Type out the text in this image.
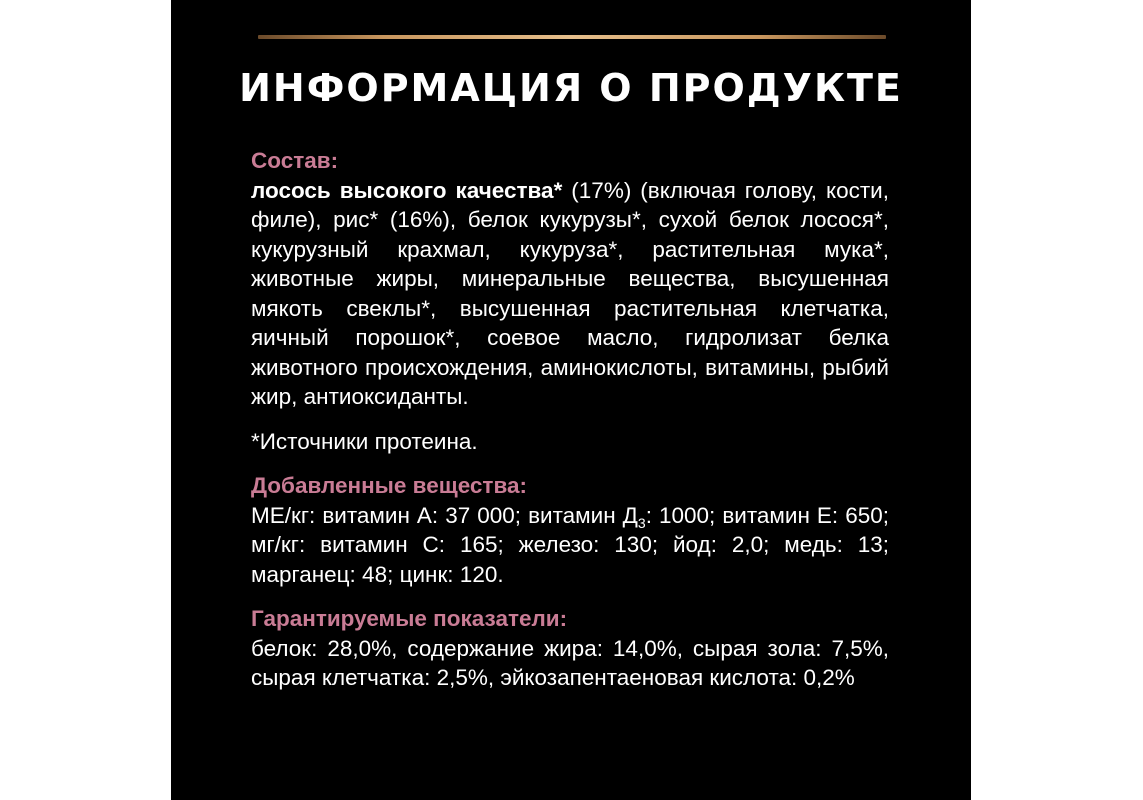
ИНФОРМАЦИЯ О ПРОДУКТЕ
Состав:
лосось высокого качества* (17%) (включая голову, кости, филе), рис* (16%), белок кукурузы*, сухой белок лосося*, кукурузный крахмал, кукуруза*, растительная мука*, животные жиры, минеральные вещества, высушенная мякоть свеклы*, высушенная растительная клетчатка, яичный порошок*, соевое масло, гидролизат белка животного происхождения, аминокислоты, витамины, рыбий жир, антиоксиданты.
*Источники протеина.
Добавленные вещества:
МЕ/кг: витамин А: 37 000; витамин $Д_3$: 1000; витамин Е: 650; мг/кг: витамин С: 165; железо: 130; йод: 2,0; медь: 13; марганец: 48; цинк: 120.
Гарантируемые показатели:
белок: 28,0%, содержание жира: 14,0%, сырая зола: 7,5%, сырая клетчатка: 2,5%, эйкозапентаеновая кислота: 0,2%
